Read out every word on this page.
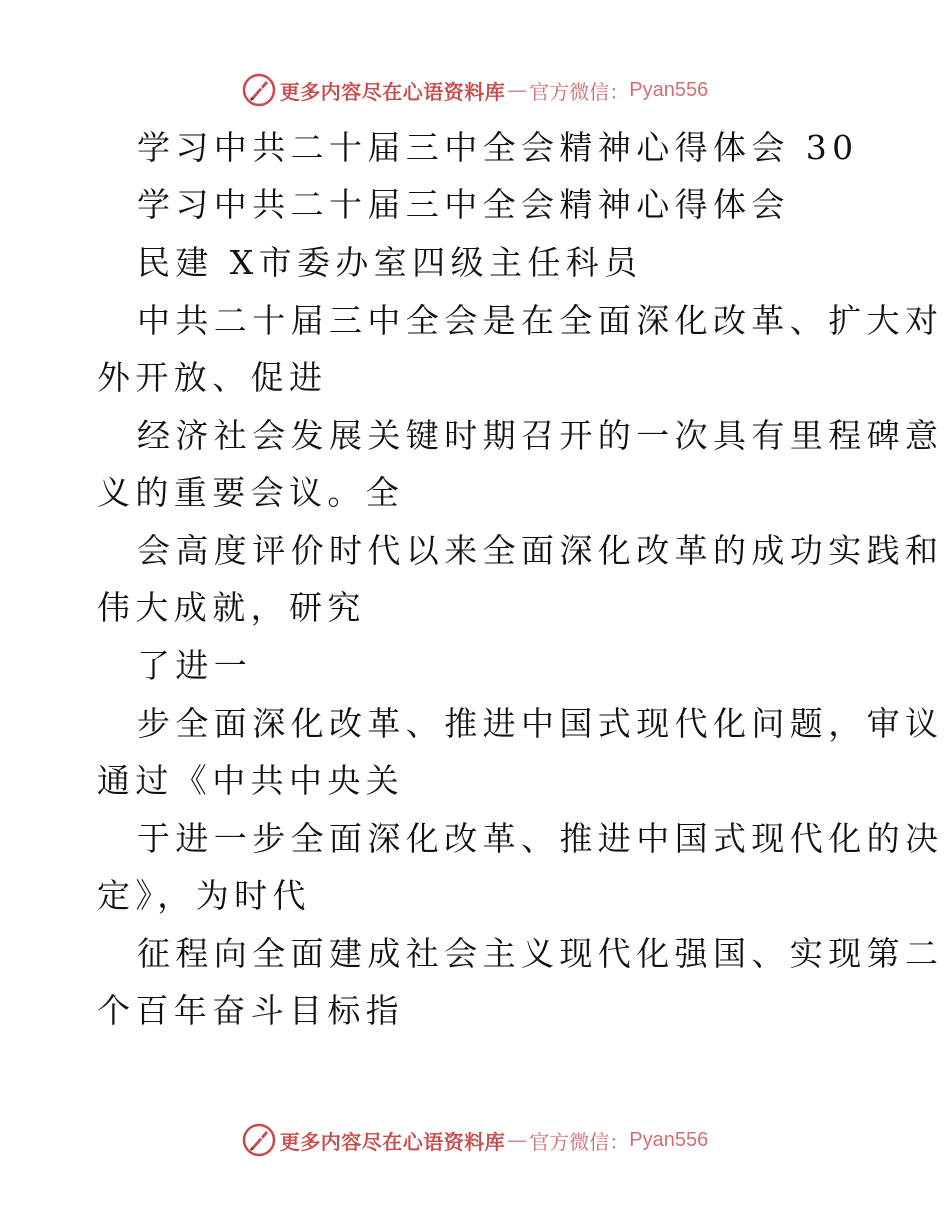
更多内容尽在心语资料库 — 官方微信： Pyan556
学习中共二十届三中全会精神心得体会 30
学习中共二十届三中全会精神心得体会
民建 X市委办室四级主任科员
中共二十届三中全会是在全面深化改革、扩大对
外开放、促进
经济社会发展关键时期召开的一次具有里程碑意
义的重要会议。全
会高度评价时代以来全面深化改革的成功实践和
伟大成就，研究
了进一
步全面深化改革、推进中国式现代化问题，审议
通过《中共中央关
于进一步全面深化改革、推进中国式现代化的决
定》，为时代
征程向全面建成社会主义现代化强国、实现第二
个百年奋斗目标指
更多内容尽在心语资料库 — 官方微信： Pyan556
